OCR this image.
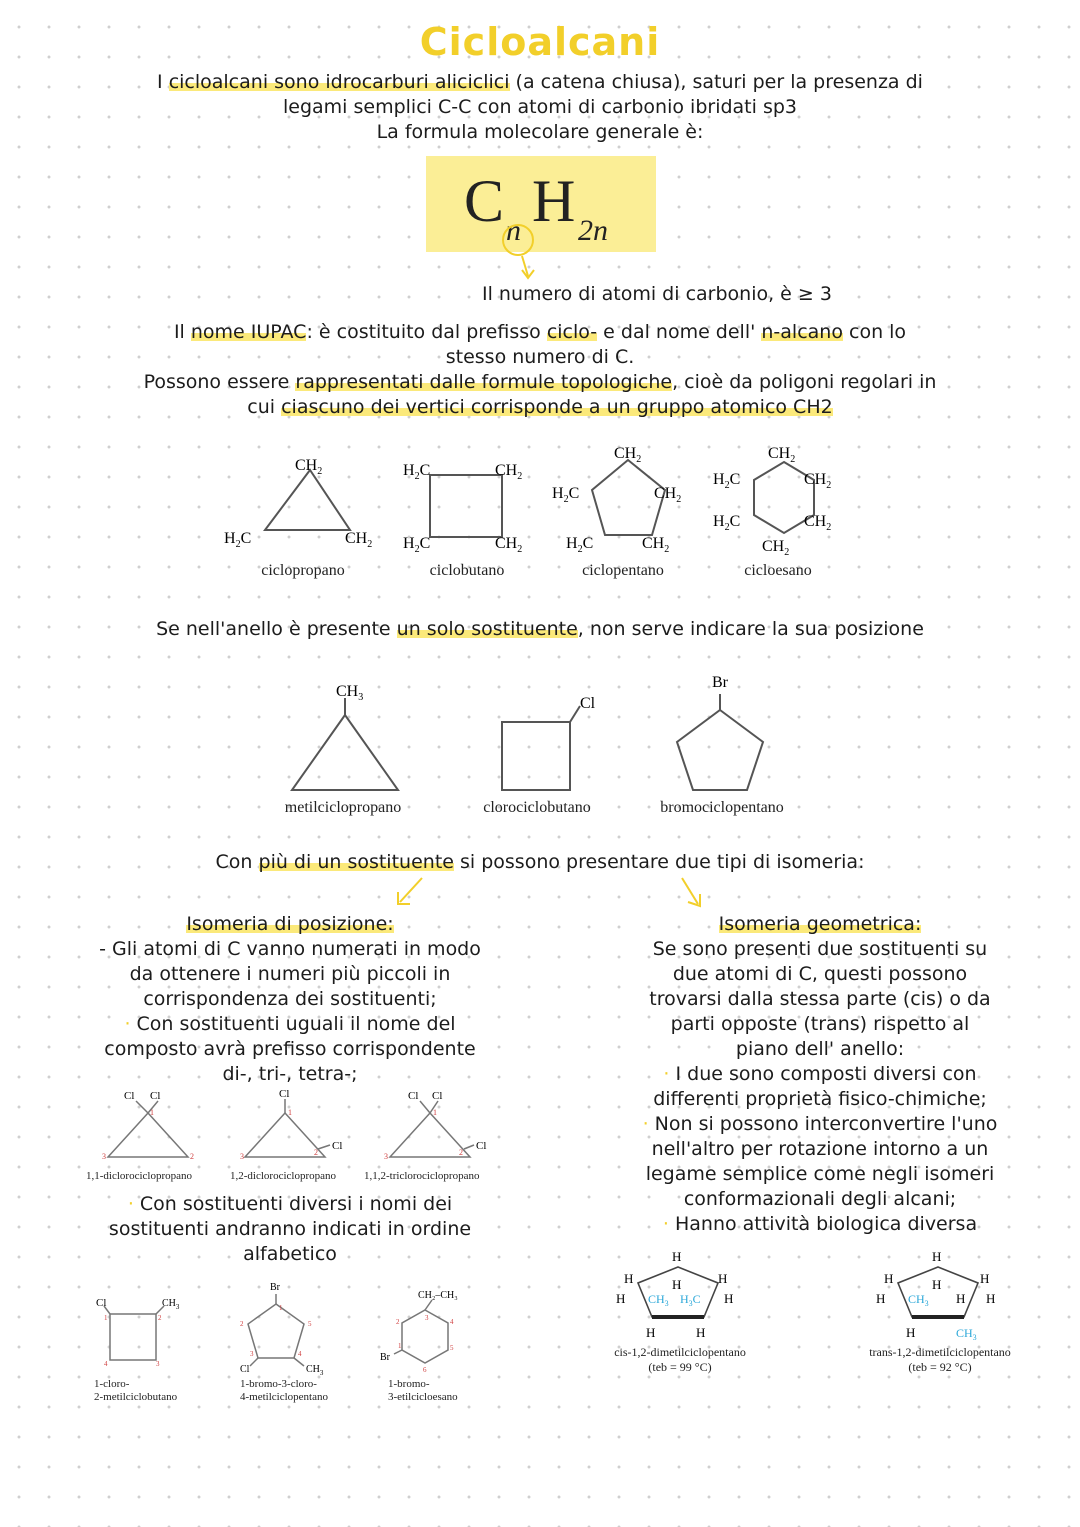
Cicloalcani
I cicloalcani sono idrocarburi aliciclici (a catena chiusa), saturi per la presenza di
legami semplici C-C con atomi di carbonio ibridati sp3
La formula molecolare generale è:
C n H 2n
Il numero di atomi di carbonio, è ≥ 3
Il nome IUPAC: è costituito dal prefisso ciclo- e dal nome dell' n-alcano con lo
stesso numero di C.
Possono essere rappresentati dalle formule topologiche, cioè da poligoni regolari in
cui ciascuno dei vertici corrisponde a un gruppo atomico CH2
$CH_2$
$H_2C$	$CH_2$
$H_2C$	$CH_2$
$H_2C$	$CH_2$
$CH_2$
$H_2C$	$CH_2$
$H_2C$	$CH_2$
$CH_2$
$H_2C$	$CH_2$
$H_2C$	$CH_2$
$CH_2$
ciclopropano	ciclobutano	ciclopentano	cicloesano
Se nell'anello è presente un solo sostituente, non serve indicare la sua posizione
$CH_3$	Cl
Br
metilciclopropano	clorociclobutano	bromociclopentano
Con più di un sostituente si possono presentare due tipi di isomeria:
Isomeria di posizione:
- Gli atomi di C vanno numerati in modo
da ottenere i numeri più piccoli in
corrispondenza dei sostituenti;
· Con sostituenti uguali il nome del
composto avrà prefisso corrispondente
di-, tri-, tetra-;
Cl Cl
1
3	2
Cl
Cl
1
3	2
Cl Cl
Cl
1
3	2
1,1-diclorociclopropano	1,2-diclorociclopropano	1,1,2-triclorociclopropano
· Con sostituenti diversi i nomi dei
sostituenti andranno indicati in ordine
alfabetico
Cl	$CH_3$
1	2
3
4
Br
Cl	$CH_3$
1
2
3	4
5
CH₂–CH₃
Br
3
2
1
6
5
4
1-cloro-
2-metilciclobutano
1-bromo-3-cloro-
4-metilciclopentano
1-bromo-
3-etilcicloesano
Isomeria geometrica:
Se sono presenti due sostituenti su
due atomi di C, questi possono
trovarsi dalla stessa parte (cis) o da
parti opposte (trans) rispetto al
piano dell' anello:
· I due sono composti diversi con
differenti proprietà fisico-chimiche;
· Non si possono interconvertire l'uno
nell'altro per rotazione intorno a un
legame semplice come negli isomeri
conformazionali degli alcani;
· Hanno attività biologica diversa
H
H
H
H
H
H
H	H
$CH_3$ $H_3C$
H
H
H
H
H
H
H
H
$CH_3$
$CH_3$
cis-1,2-dimetilciclopentano
(teb = 99 °C)
trans-1,2-dimetilciclopentano
(teb = 92 °C)
